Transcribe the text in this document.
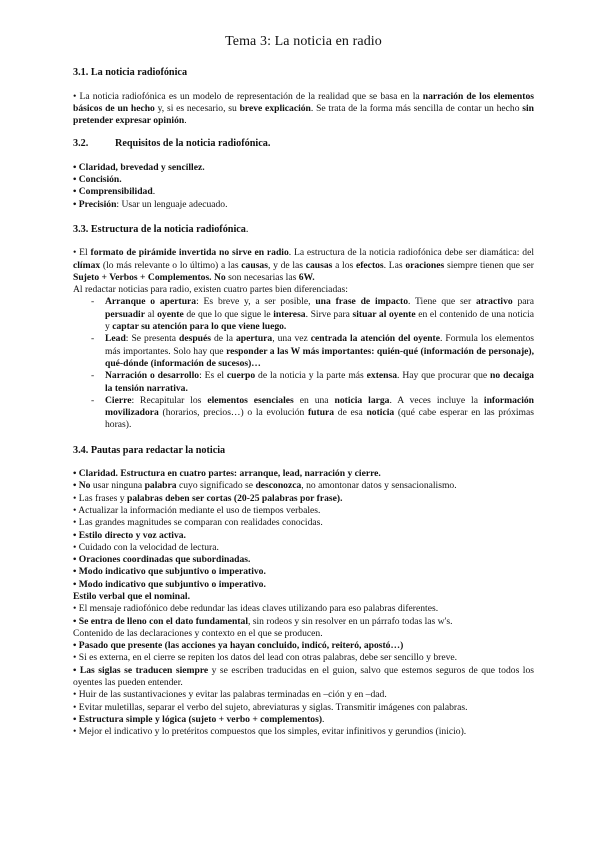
Tema 3: La noticia en radio
3.1. La noticia radiofónica
• La noticia radiofónica es un modelo de representación de la realidad que se basa en la narración de los elementos básicos de un hecho y, si es necesario, su breve explicación. Se trata de la forma más sencilla de contar un hecho sin pretender expresar opinión.
3.2.	Requisitos de la noticia radiofónica.
• Claridad, brevedad y sencillez.
• Concisión.
• Comprensibilidad.
• Precisión: Usar un lenguaje adecuado.
3.3. Estructura de la noticia radiofónica.
• El formato de pirámide invertida no sirve en radio. La estructura de la noticia radiofónica debe ser diamática: del clímax (lo más relevante o lo último) a las causas, y de las causas a los efectos. Las oraciones siempre tienen que ser Sujeto + Verbos + Complementos. No son necesarias las 6W.
Al redactar noticias para radio, existen cuatro partes bien diferenciadas:
- Arranque o apertura: Es breve y, a ser posible, una frase de impacto. Tiene que ser atractivo para persuadir al oyente de que lo que sigue le interesa. Sirve para situar al oyente en el contenido de una noticia y captar su atención para lo que viene luego.
- Lead: Se presenta después de la apertura, una vez centrada la atención del oyente. Formula los elementos más importantes. Solo hay que responder a las W más importantes: quién-qué (información de personaje), qué-dónde (información de sucesos)…
- Narración o desarrollo: Es el cuerpo de la noticia y la parte más extensa. Hay que procurar que no decaiga la tensión narrativa.
- Cierre: Recapitular los elementos esenciales en una noticia larga. A veces incluye la información movilizadora (horarios, precios…) o la evolución futura de esa noticia (qué cabe esperar en las próximas horas).
3.4. Pautas para redactar la noticia
• Claridad. Estructura en cuatro partes: arranque, lead, narración y cierre.
• No usar ninguna palabra cuyo significado se desconozca, no amontonar datos y sensacionalismo.
• Las frases y palabras deben ser cortas (20-25 palabras por frase).
• Actualizar la información mediante el uso de tiempos verbales.
• Las grandes magnitudes se comparan con realidades conocidas.
• Estilo directo y voz activa.
• Cuidado con la velocidad de lectura.
• Oraciones coordinadas que subordinadas.
• Modo indicativo que subjuntivo o imperativo.
• Modo indicativo que subjuntivo o imperativo.
Estilo verbal que el nominal.
• El mensaje radiofónico debe redundar las ideas claves utilizando para eso palabras diferentes.
• Se entra de lleno con el dato fundamental, sin rodeos y sin resolver en un párrafo todas las w's.
Contenido de las declaraciones y contexto en el que se producen.
• Pasado que presente (las acciones ya hayan concluido, indicó, reiteró, apostó…)
• Si es externa, en el cierre se repiten los datos del lead con otras palabras, debe ser sencillo y breve.
• Las siglas se traducen siempre y se escriben traducidas en el guion, salvo que estemos seguros de que todos los oyentes las pueden entender.
• Huir de las sustantivaciones y evitar las palabras terminadas en –ción y en –dad.
• Evitar muletillas, separar el verbo del sujeto, abreviaturas y siglas. Transmitir imágenes con palabras.
• Estructura simple y lógica (sujeto + verbo + complementos).
• Mejor el indicativo y lo pretéritos compuestos que los simples, evitar infinitivos y gerundios (inicio).
